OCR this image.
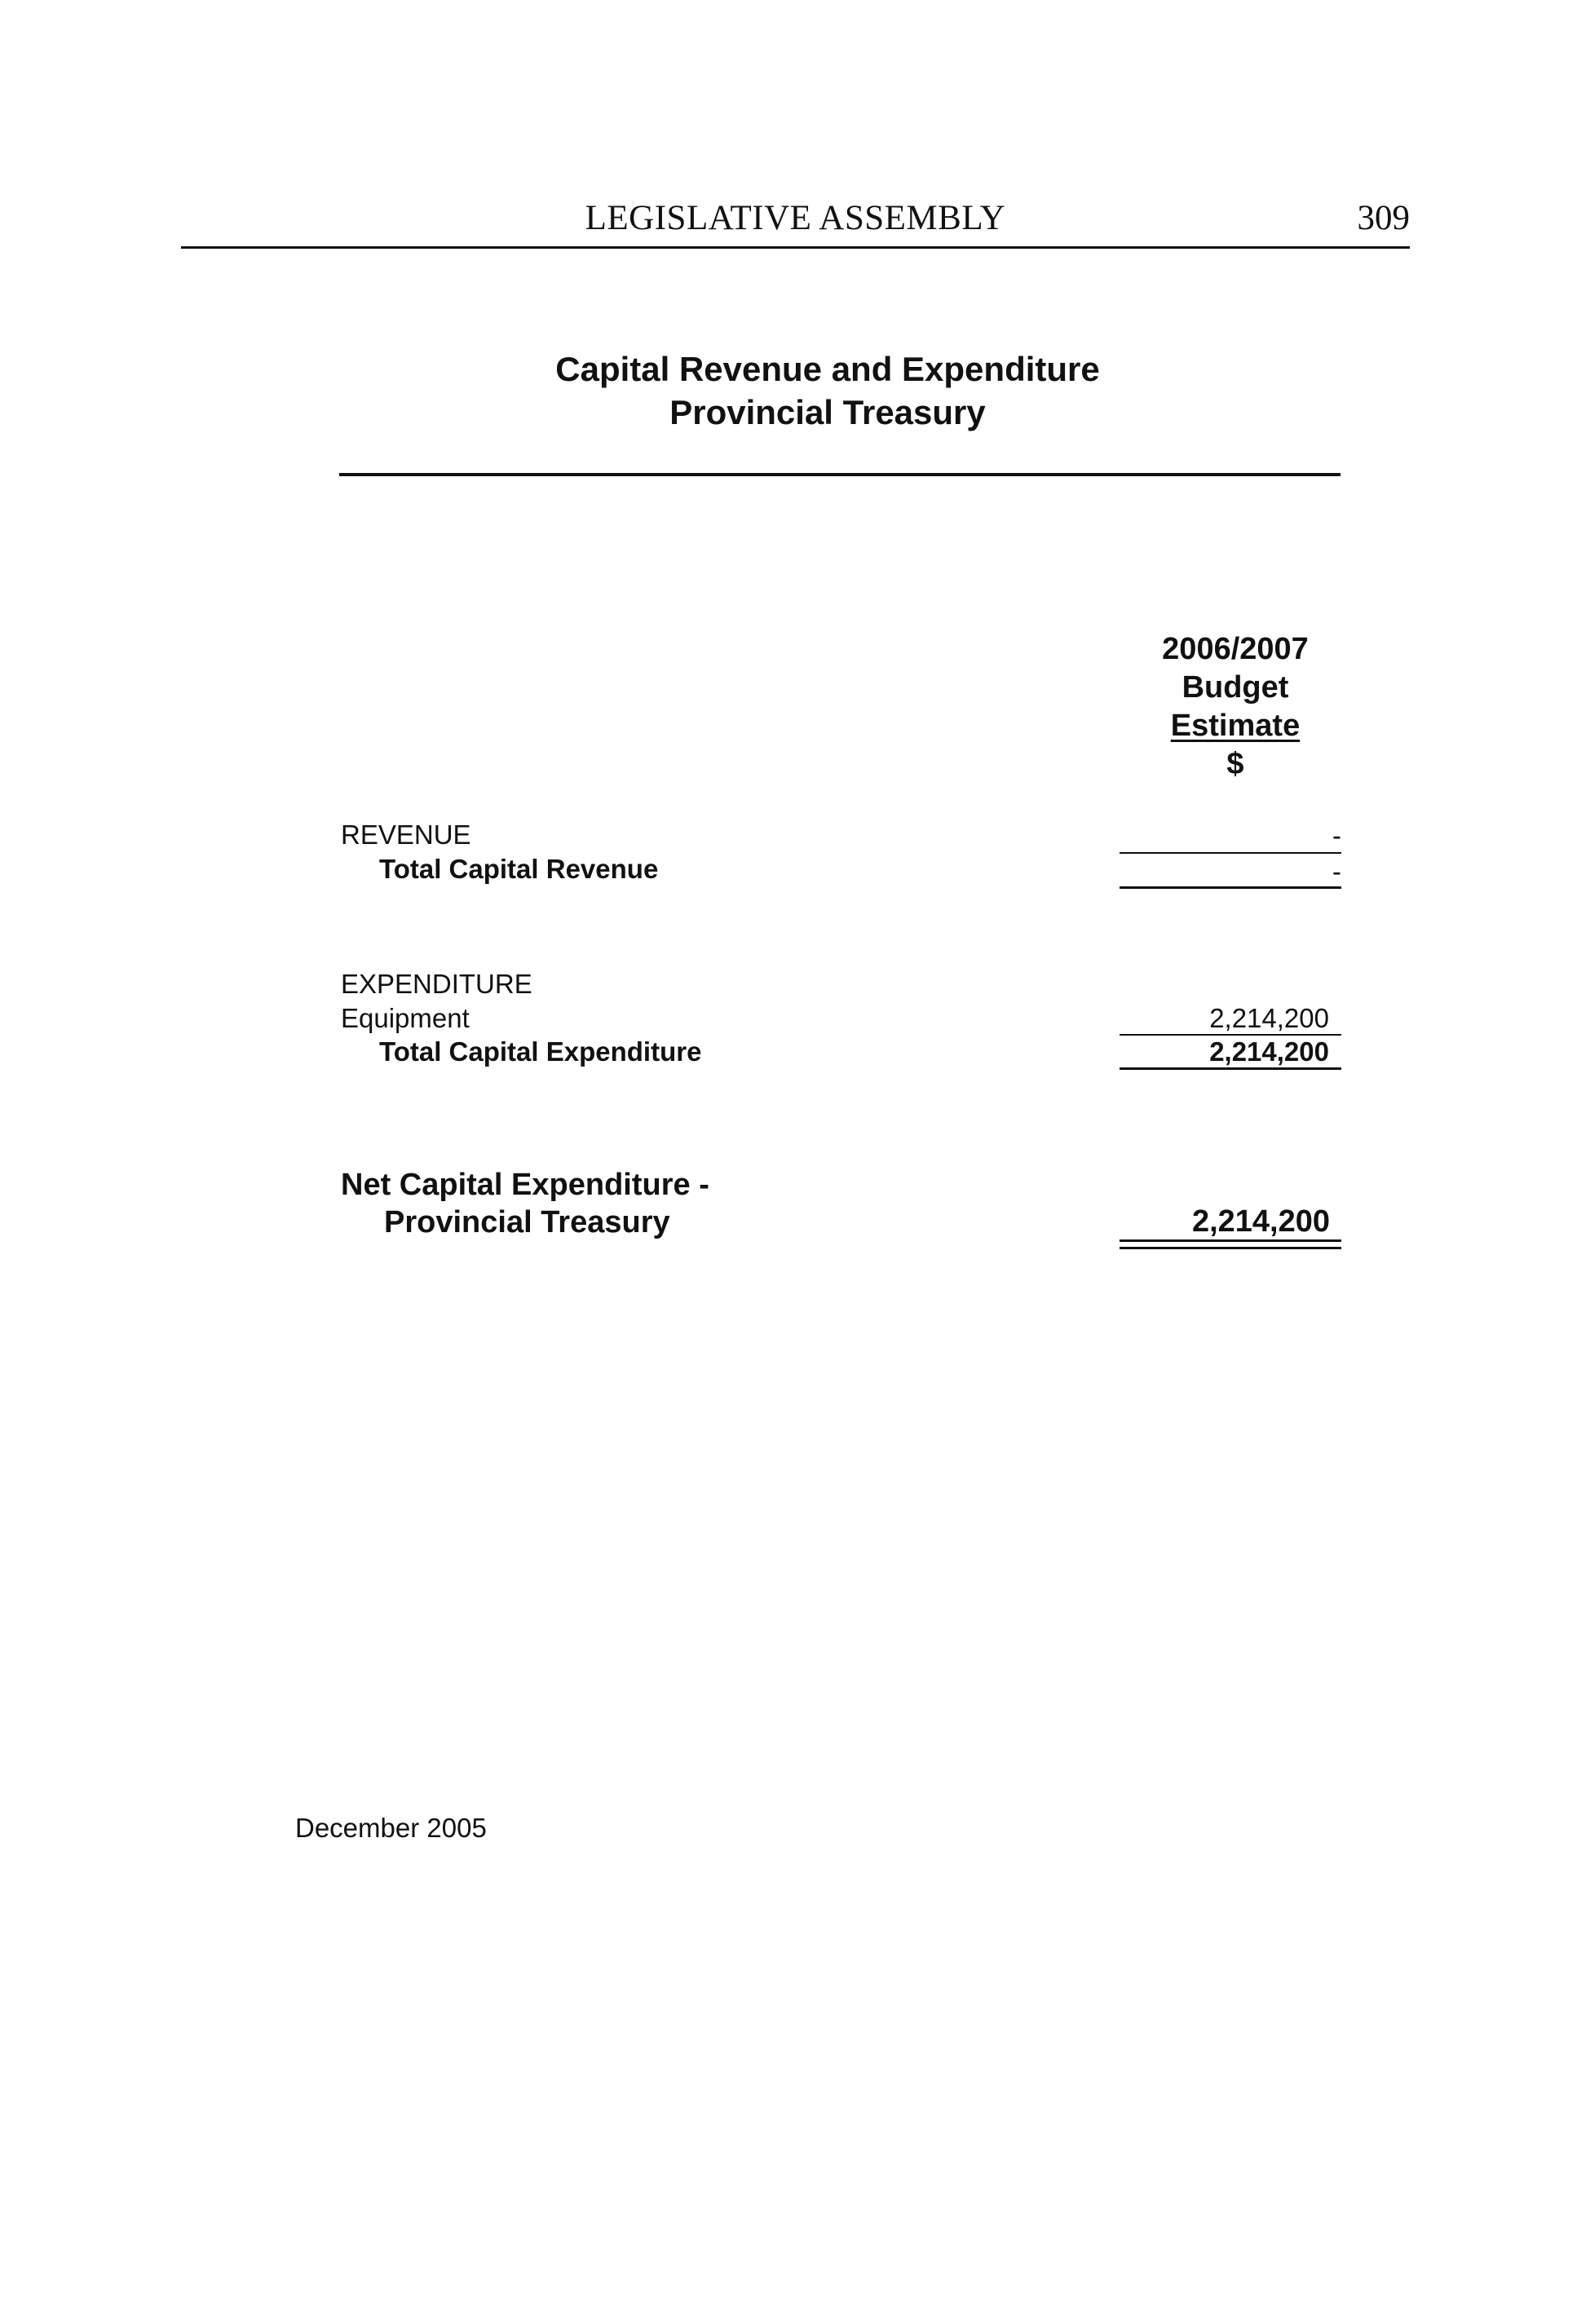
LEGISLATIVE ASSEMBLY	309
Capital Revenue and Expenditure
Provincial Treasury
2006/2007
Budget
Estimate
$
REVENUE	-
Total Capital Revenue	-
EXPENDITURE
Equipment	2,214,200
Total Capital Expenditure	2,214,200
Net Capital Expenditure -
Provincial Treasury	2,214,200
December 2005
